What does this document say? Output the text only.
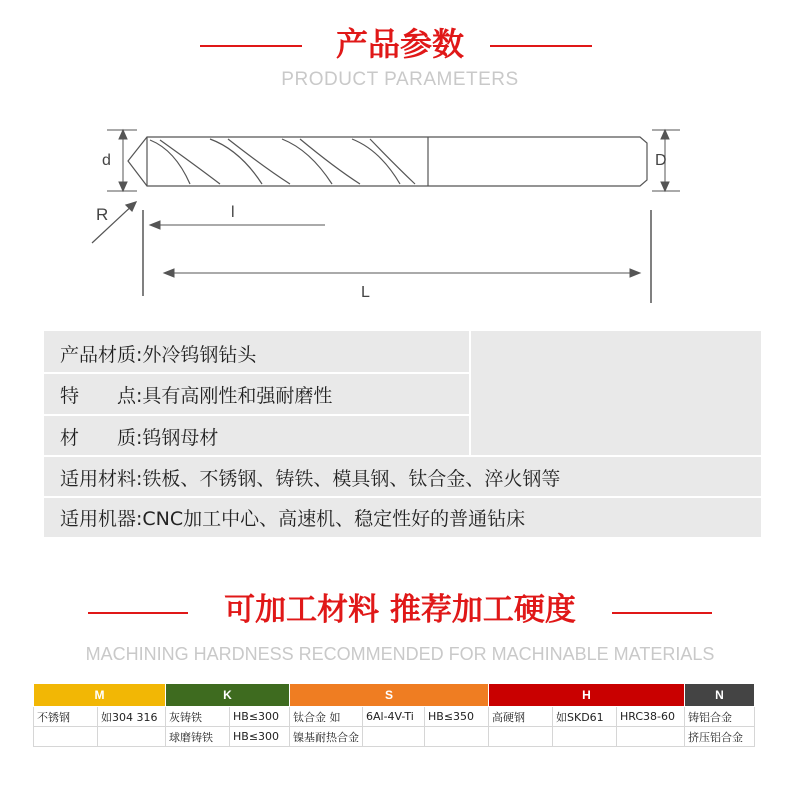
产品参数
PRODUCT PARAMETERS
d	D
R	l
L
产品材质: 外冷钨钢钻头
特　　点: 具有高刚性和强耐磨性
材　　质: 钨钢母材
适用材料: 铁板、不锈钢、铸铁、模具钢、钛合金、淬火钢等
适用机器: CNC加工中心、高速机、稳定性好的普通钻床
可加工材料 推荐加工硬度
MACHINING HARDNESS RECOMMENDED FOR MACHINABLE MATERIALS
M		K		S			H			N
不锈钢	如304 316	灰铸铁	HB≤300	钛合金 如	6Al-4V-Ti	HB≤350	高硬钢	如SKD61	HRC38-60	铸铝合金
		球磨铸铁	HB≤300	镍基耐热合金						挤压铝合金
